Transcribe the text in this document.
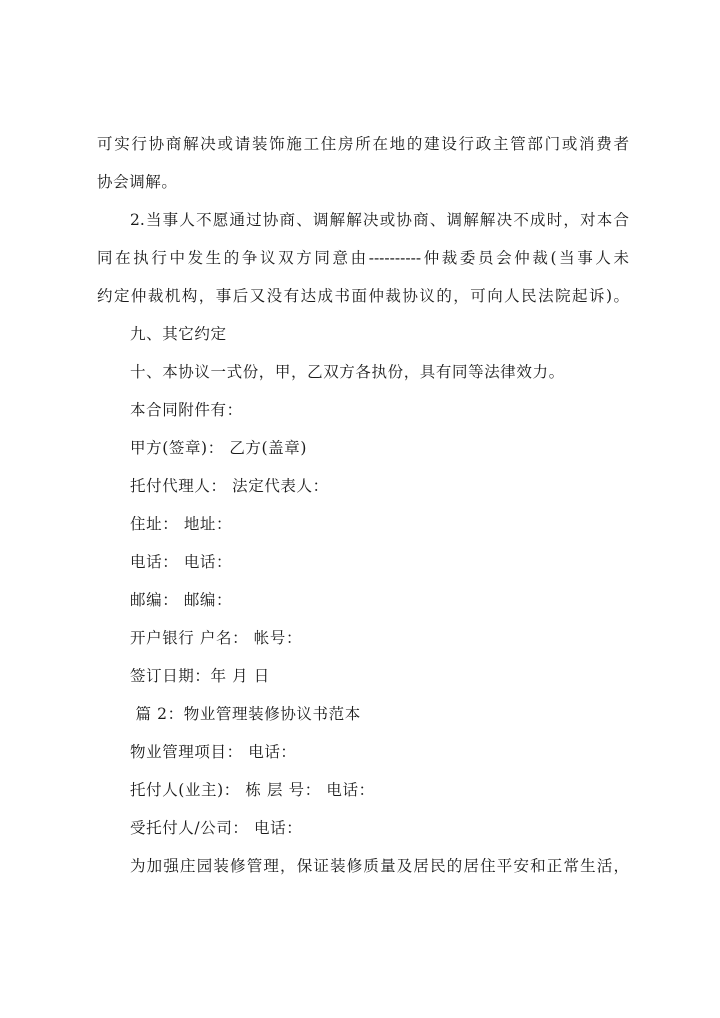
可实行协商解决或请装饰施工住房所在地的建设行政主管部门或消费者
协会调解。
2.当事人不愿通过协商、调解解决或协商、调解解决不成时，对本合
同在执行中发生的争议双方同意由----------仲裁委员会仲裁(当事人未
约定仲裁机构，事后又没有达成书面仲裁协议的，可向人民法院起诉)。
九、其它约定
十、本协议一式份，甲，乙双方各执份，具有同等法律效力。
本合同附件有：
甲方(签章)： 乙方(盖章)
托付代理人： 法定代表人：
住址： 地址：
电话： 电话：
邮编： 邮编：
开户银行 户名： 帐号：
签订日期：年 月 日
篇 2：物业管理装修协议书范本
物业管理项目： 电话：
托付人(业主)： 栋 层 号： 电话：
受托付人/公司： 电话：
为加强庄园装修管理，保证装修质量及居民的居住平安和正常生活，
